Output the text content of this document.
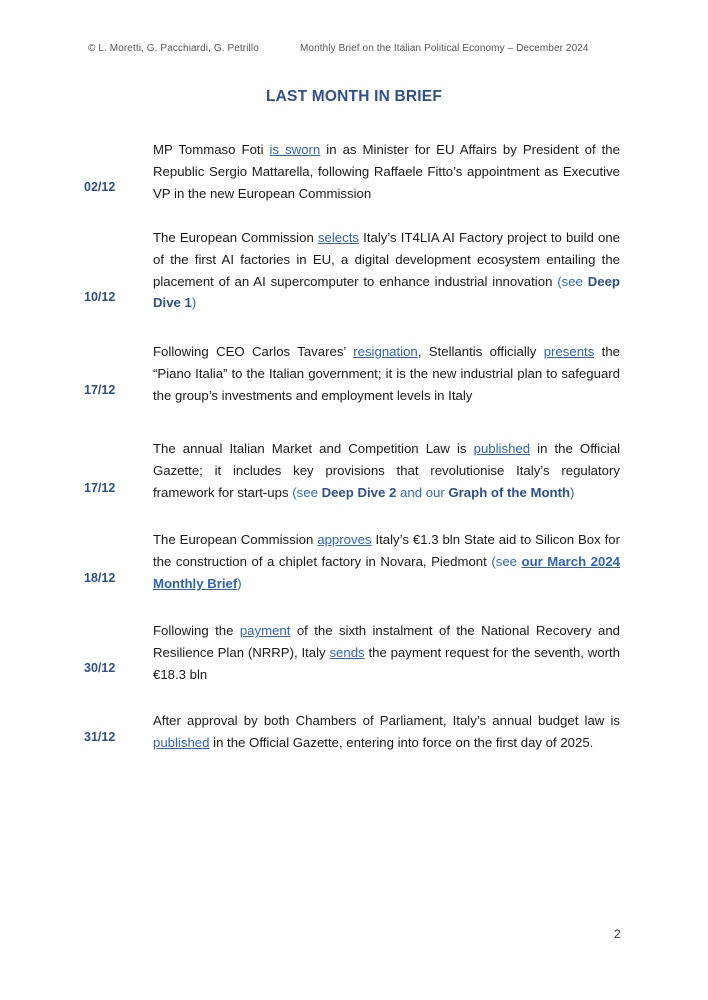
© L. Moretti, G. Pacchiardi, G. Petrillo	Monthly Brief on the Italian Political Economy – December 2024
LAST MONTH IN BRIEF
02/12
MP Tommaso Foti is sworn in as Minister for EU Affairs by President of the Republic Sergio Mattarella, following Raffaele Fitto’s appointment as Executive VP in the new European Commission
10/12
The European Commission selects Italy’s IT4LIA AI Factory project to build one of the first AI factories in EU, a digital development ecosystem entailing the placement of an AI supercomputer to enhance industrial innovation (see Deep Dive 1)
17/12
Following CEO Carlos Tavares’ resignation, Stellantis officially presents the “Piano Italia” to the Italian government; it is the new industrial plan to safeguard the group’s investments and employment levels in Italy
17/12
The annual Italian Market and Competition Law is published in the Official Gazette; it includes key provisions that revolutionise Italy’s regulatory framework for start-ups (see Deep Dive 2 and our Graph of the Month)
18/12
The European Commission approves Italy’s €1.3 bln State aid to Silicon Box for the construction of a chiplet factory in Novara, Piedmont (see our March 2024 Monthly Brief)
30/12
Following the payment of the sixth instalment of the National Recovery and Resilience Plan (NRRP), Italy sends the payment request for the seventh, worth €18.3 bln
31/12
After approval by both Chambers of Parliament, Italy’s annual budget law is published in the Official Gazette, entering into force on the first day of 2025.
2
